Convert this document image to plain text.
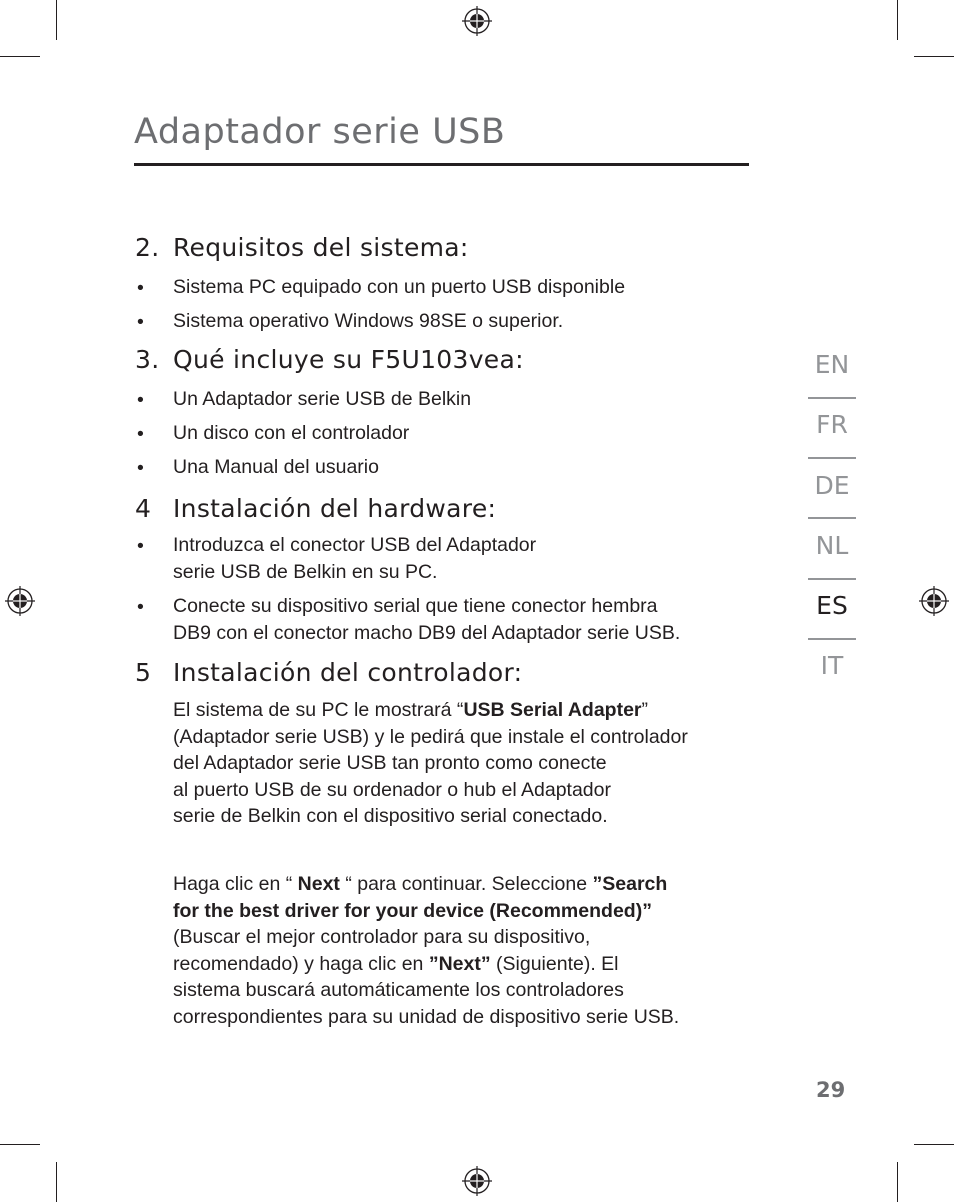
Adaptador serie USB
2. Requisitos del sistema:
• Sistema PC equipado con un puerto USB disponible
• Sistema operativo Windows 98SE o superior.
3. Qué incluye su F5U103vea:
• Un Adaptador serie USB de Belkin
• Un disco con el controlador
• Una Manual del usuario
4 Instalación del hardware:
• Introduzca el conector USB del Adaptador
serie USB de Belkin en su PC.
• Conecte su dispositivo serial que tiene conector hembra
DB9 con el conector macho DB9 del Adaptador serie USB.
5 Instalación del controlador:
El sistema de su PC le mostrará “USB Serial Adapter”
(Adaptador serie USB) y le pedirá que instale el controlador
del Adaptador serie USB tan pronto como conecte
al puerto USB de su ordenador o hub el Adaptador
serie de Belkin con el dispositivo serial conectado.
Haga clic en “ Next “ para continuar. Seleccione ”Search
for the best driver for your device (Recommended)”
(Buscar el mejor controlador para su dispositivo,
recomendado) y haga clic en ”Next” (Siguiente). El
sistema buscará automáticamente los controladores
correspondientes para su unidad de dispositivo serie USB.
EN
FR
DE
NL
ES
IT
29
